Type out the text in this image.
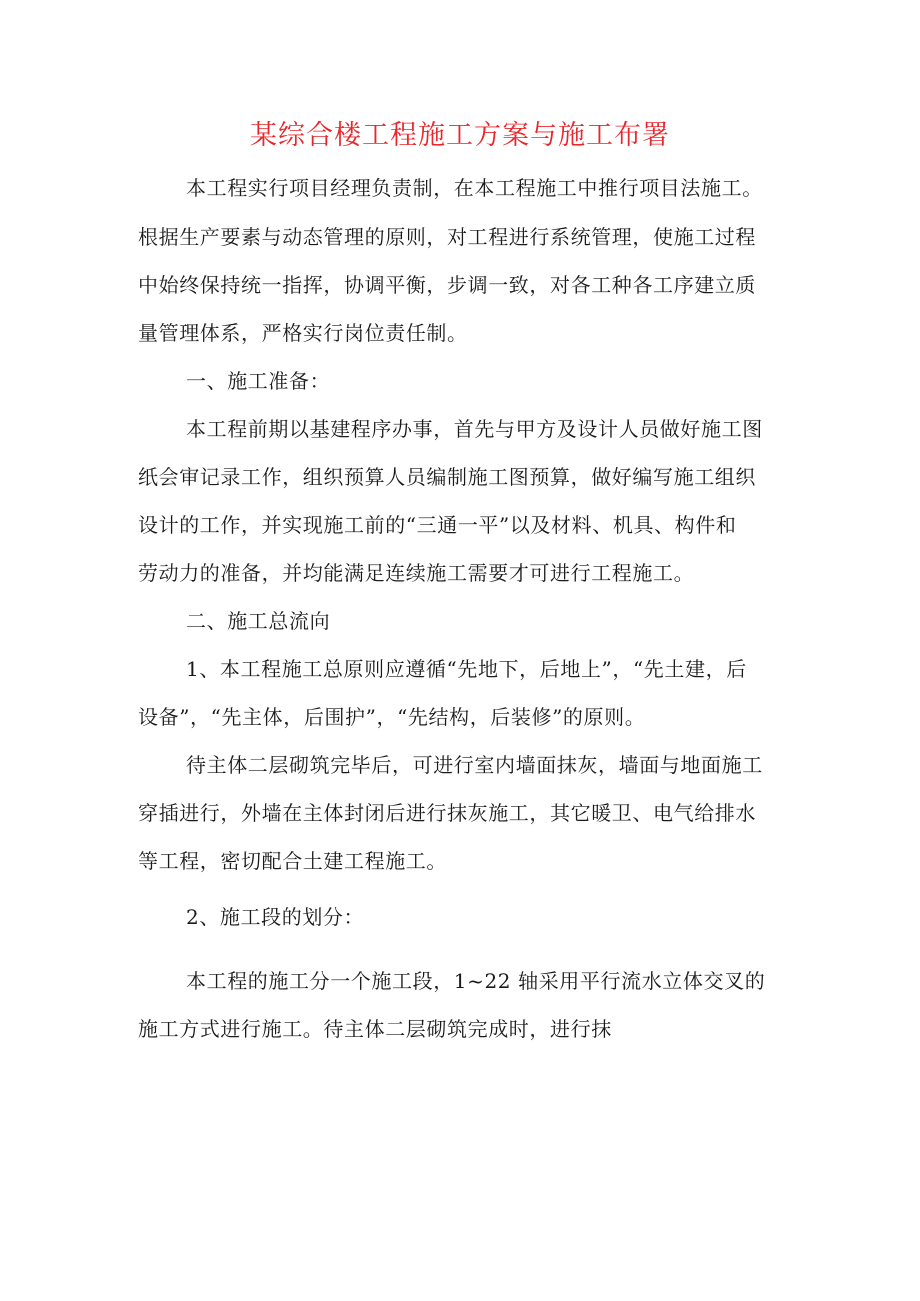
某综合楼工程施工方案与施工布署
本工程实行项目经理负责制，在本工程施工中推行项目法施工。
根据生产要素与动态管理的原则，对工程进行系统管理，使施工过程
中始终保持统一指挥，协调平衡，步调一致，对各工种各工序建立质
量管理体系，严格实行岗位责任制。
一、施工准备：
本工程前期以基建程序办事，首先与甲方及设计人员做好施工图
纸会审记录工作，组织预算人员编制施工图预算，做好编写施工组织
设计的工作，并实现施工前的“三通一平”以及材料、机具、构件和
劳动力的准备，并均能满足连续施工需要才可进行工程施工。
二、施工总流向
1、本工程施工总原则应遵循“先地下，后地上”，“先土建，后
设备”，“先主体，后围护”，“先结构，后装修”的原则。
待主体二层砌筑完毕后，可进行室内墙面抹灰，墙面与地面施工
穿插进行，外墙在主体封闭后进行抹灰施工，其它暖卫、电气给排水
等工程，密切配合土建工程施工。
2、施工段的划分：
本工程的施工分一个施工段，1~22 轴采用平行流水立体交叉的
施工方式进行施工。待主体二层砌筑完成时，进行抹
